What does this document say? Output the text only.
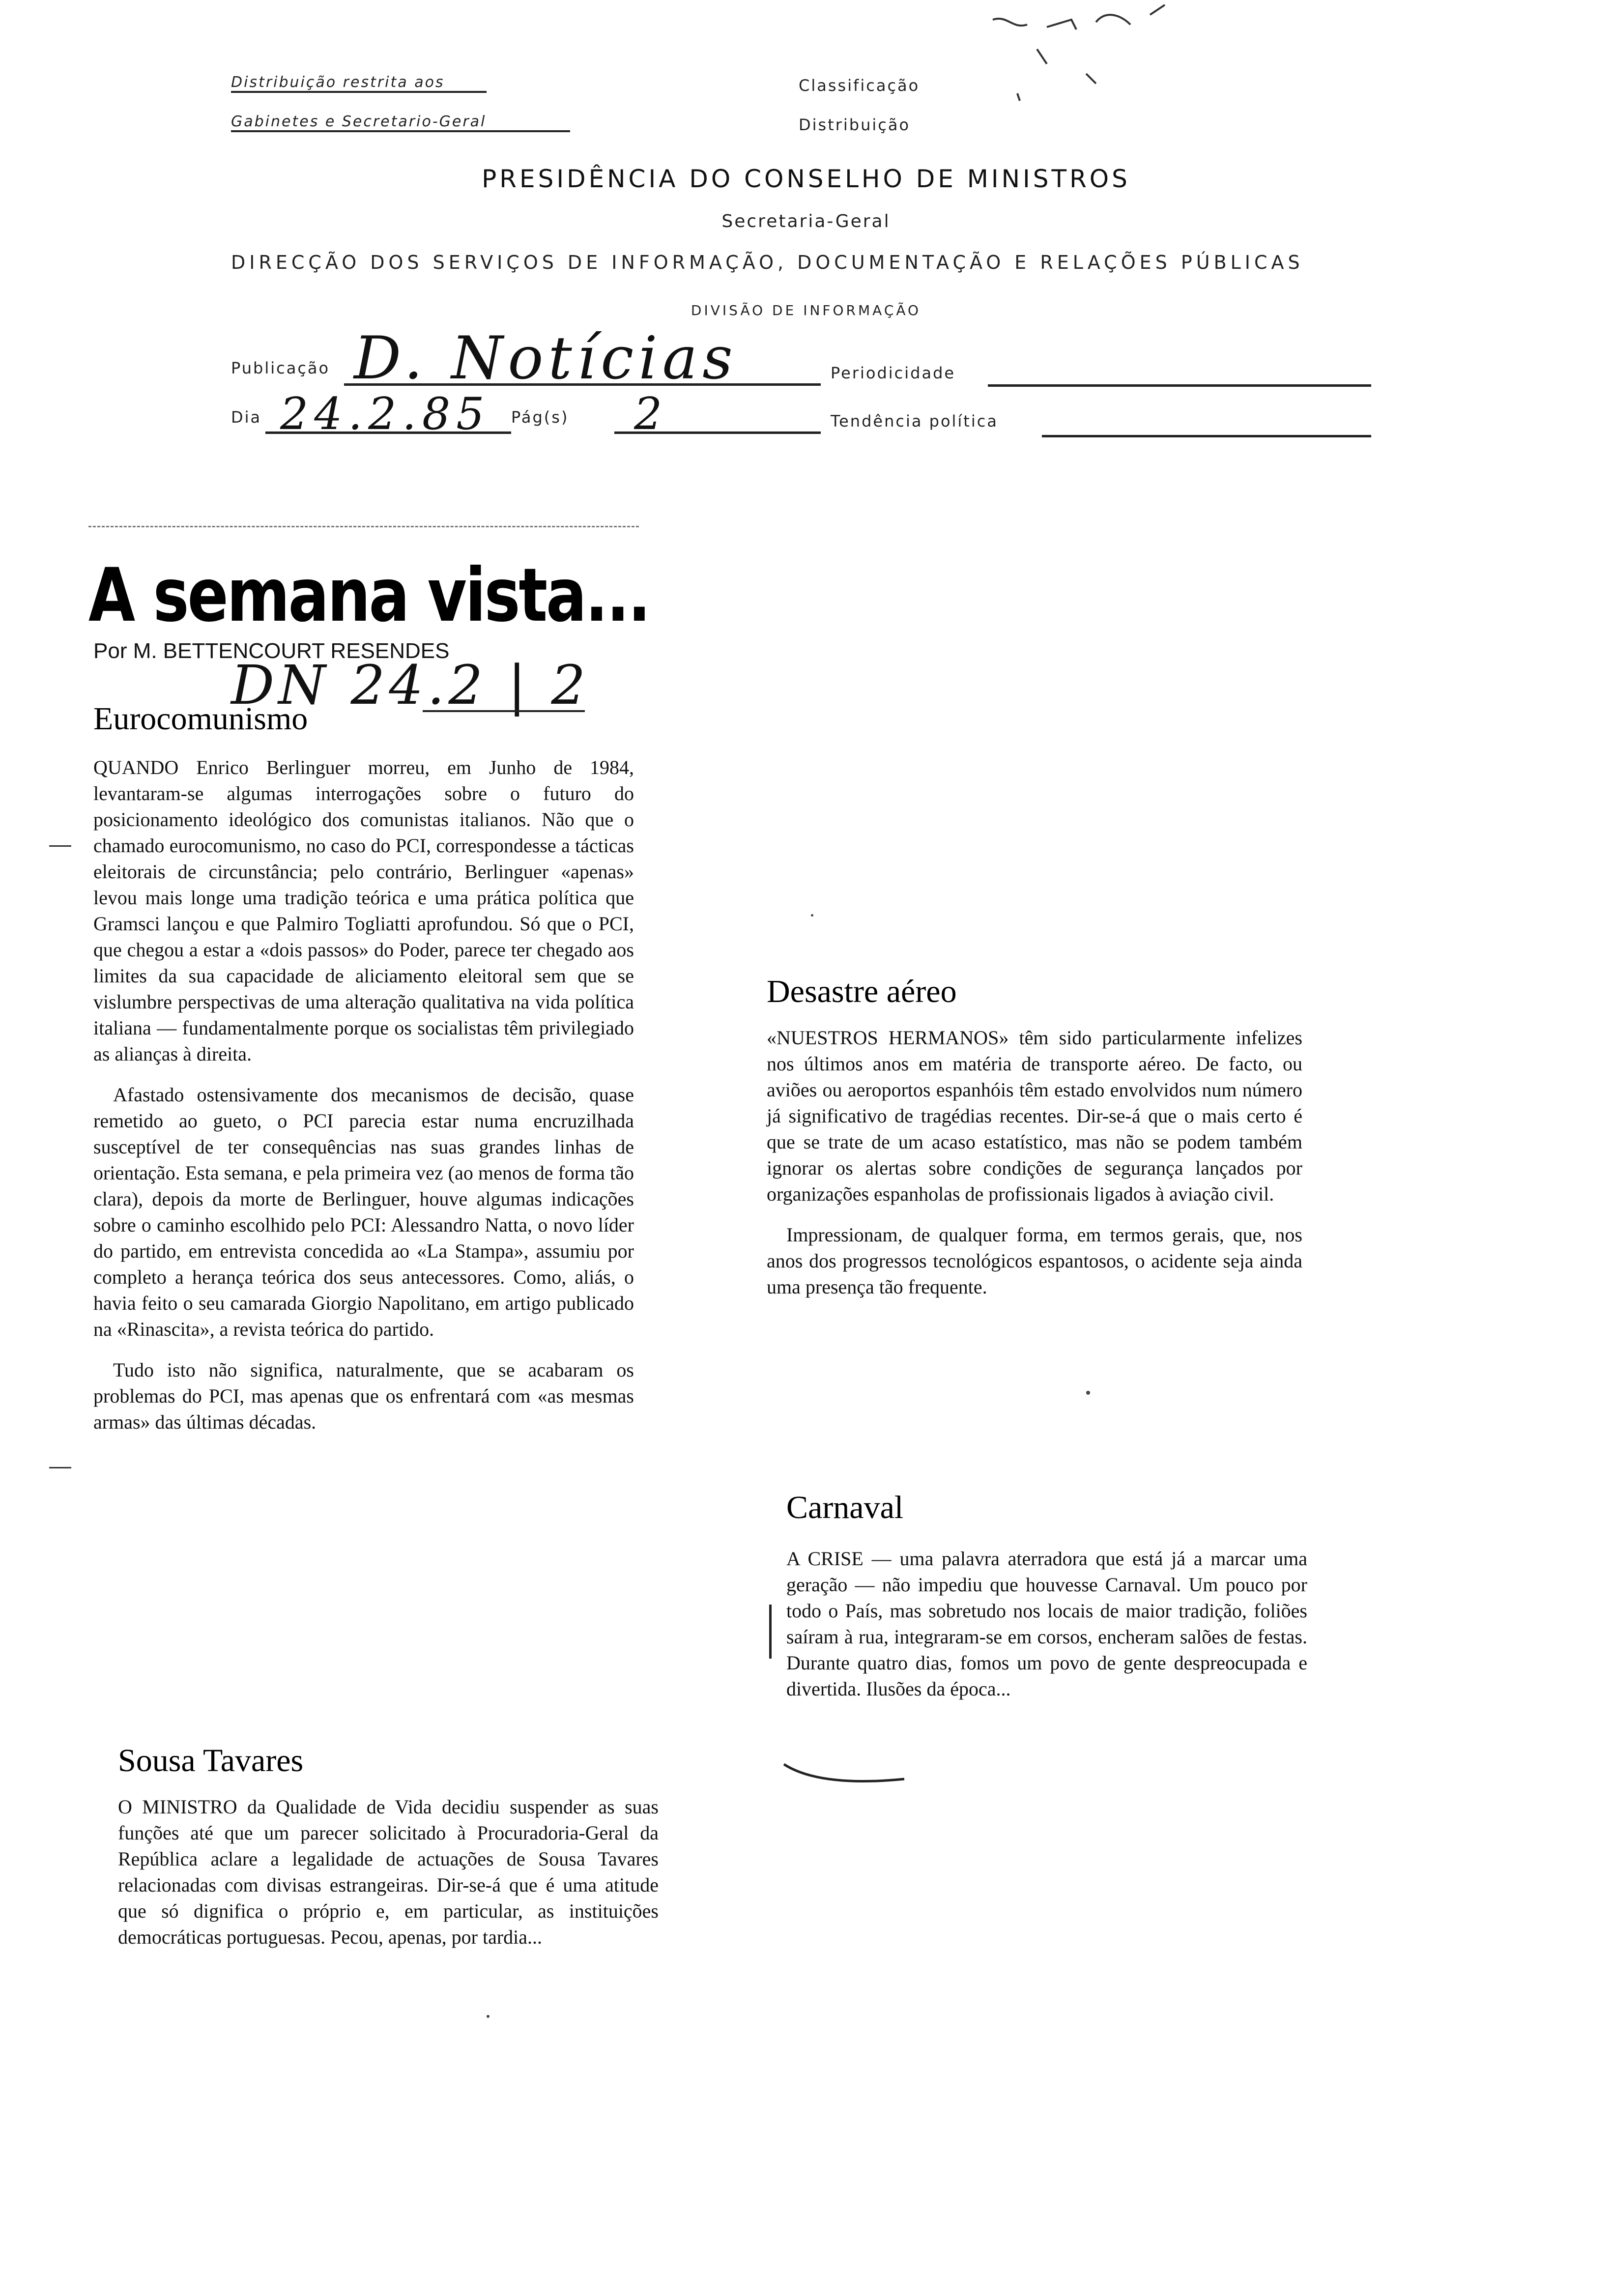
Distribuição restrita aos
Gabinetes e Secretario-Geral
Classificação
Distribuição
PRESIDÊNCIA DO CONSELHO DE MINISTROS
Secretaria-Geral
DIRECÇÃO DOS SERVIÇOS DE INFORMAÇÃO, DOCUMENTAÇÃO E RELAÇÕES PÚBLICAS
DIVISÃO DE INFORMAÇÃO
Publicação D. Notícias	Periodicidade
Dia 24.2.85 Pág(s) 2	Tendência política
A semana vista...
Por M. BETTENCOURT RESENDES
DN 24.2 | 2
Eurocomunismo

QUANDO Enrico Berlinguer morreu, em Junho de 1984, levantaram-se algumas interrogações sobre o futuro do posicionamento ideológico dos comunistas italianos. Não que o chamado eurocomunismo, no caso do PCI, correspondesse a tácticas eleitorais de circunstância; pelo contrário, Berlinguer «apenas» levou mais longe uma tradição teórica e uma prática política que Gramsci lançou e que Palmiro Togliatti aprofundou. Só que o PCI, que chegou a estar a «dois passos» do Poder, parece ter chegado aos limites da sua capacidade de aliciamento eleitoral sem que se vislumbre perspectivas de uma alteração qualitativa na vida política italiana — fundamentalmente porque os socialistas têm privilegiado as alianças à direita.

Afastado ostensivamente dos mecanismos de decisão, quase remetido ao gueto, o PCI parecia estar numa encruzilhada susceptível de ter consequências nas suas grandes linhas de orientação. Esta semana, e pela primeira vez (ao menos de forma tão clara), depois da morte de Berlinguer, houve algumas indicações sobre o caminho escolhido pelo PCI: Alessandro Natta, o novo líder do partido, em entrevista concedida ao «La Stampa», assumiu por completo a herança teórica dos seus antecessores. Como, aliás, o havia feito o seu camarada Giorgio Napolitano, em artigo publicado na «Rinascita», a revista teórica do partido.

Tudo isto não significa, naturalmente, que se acabaram os problemas do PCI, mas apenas que os enfrentará com «as mesmas armas» das últimas décadas.

Sousa Tavares

O MINISTRO da Qualidade de Vida decidiu suspender as suas funções até que um parecer solicitado à Procuradoria-Geral da República aclare a legalidade de actuações de Sousa Tavares relacionadas com divisas estrangeiras. Dir-se-á que é uma atitude que só dignifica o próprio e, em particular, as instituições democráticas portuguesas. Pecou, apenas, por tardia...

Desastre aéreo

«NUESTROS HERMANOS» têm sido particularmente infelizes nos últimos anos em matéria de transporte aéreo. De facto, ou aviões ou aeroportos espanhóis têm estado envolvidos num número já significativo de tragédias recentes. Dir-se-á que o mais certo é que se trate de um acaso estatístico, mas não se podem também ignorar os alertas sobre condições de segurança lançados por organizações espanholas de profissionais ligados à aviação civil.

Impressionam, de qualquer forma, em termos gerais, que, nos anos dos progressos tecnológicos espantosos, o acidente seja ainda uma presença tão frequente.

Carnaval

A CRISE — uma palavra aterradora que está já a marcar uma geração — não impediu que houvesse Carnaval. Um pouco por todo o País, mas sobretudo nos locais de maior tradição, foliões saíram à rua, integraram-se em corsos, encheram salões de festas. Durante quatro dias, fomos um povo de gente despreocupada e divertida. Ilusões da época...
